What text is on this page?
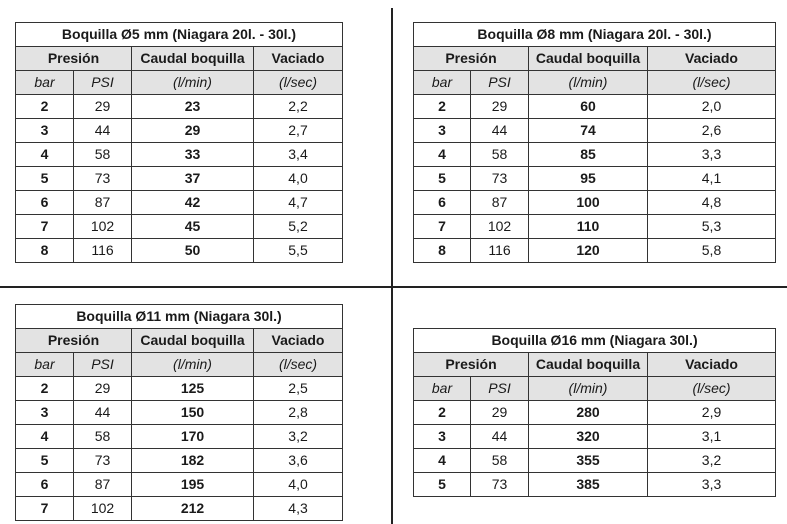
Boquilla Ø5 mm (Niagara 20l. - 30l.)			
Presión		Caudal boquilla	Vaciado
bar	PSI	(l/min)	(l/sec)
2	29	23	2,2
3	44	29	2,7
4	58	33	3,4
5	73	37	4,0
6	87	42	4,7
7	102	45	5,2
8	116	50	5,5
Boquilla Ø8 mm (Niagara 20l. - 30l.)			
Presión		Caudal boquilla	Vaciado
bar	PSI	(l/min)	(l/sec)
2	29	60	2,0
3	44	74	2,6
4	58	85	3,3
5	73	95	4,1
6	87	100	4,8
7	102	110	5,3
8	116	120	5,8
Boquilla Ø11 mm (Niagara 30l.)			
Presión		Caudal boquilla	Vaciado
bar	PSI	(l/min)	(l/sec)
2	29	125	2,5
3	44	150	2,8
4	58	170	3,2
5	73	182	3,6
6	87	195	4,0
7	102	212	4,3
Boquilla Ø16 mm (Niagara 30l.)			
Presión		Caudal boquilla	Vaciado
bar	PSI	(l/min)	(l/sec)
2	29	280	2,9
3	44	320	3,1
4	58	355	3,2
5	73	385	3,3
